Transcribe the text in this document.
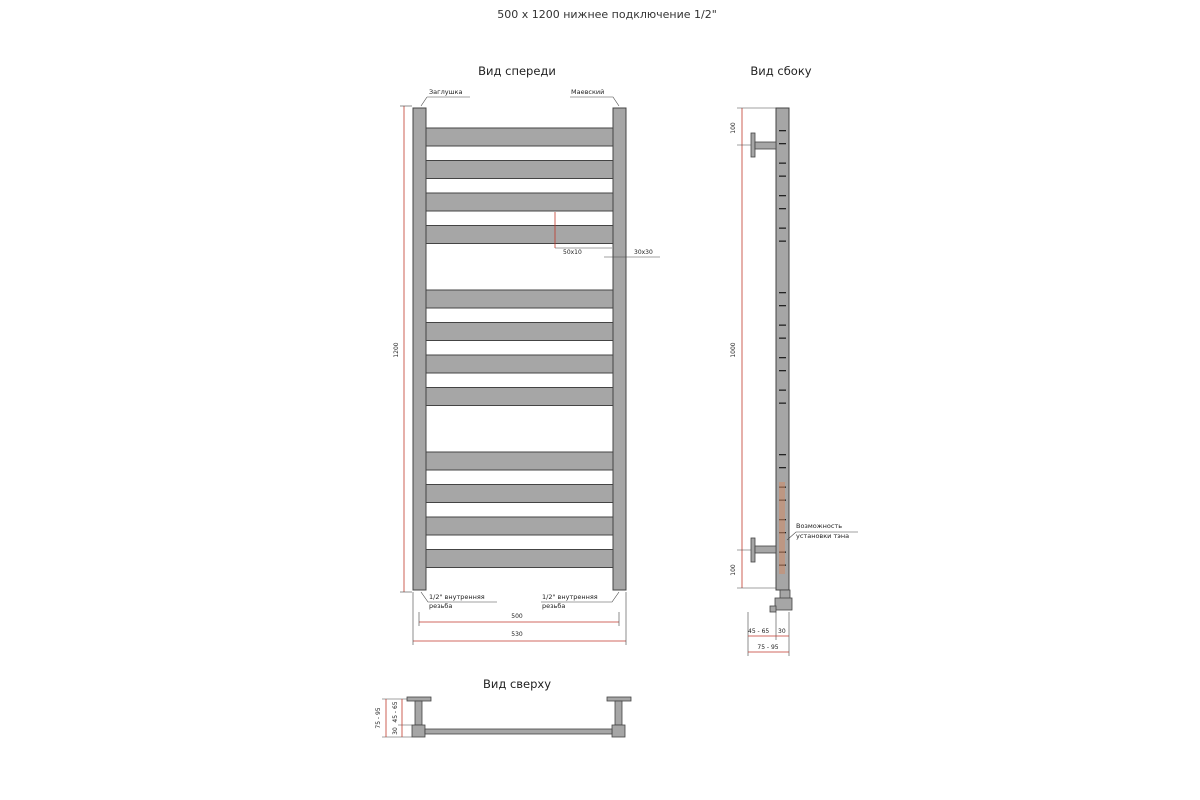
500 x 1200 нижнее подключение 1/2"
Вид спереди
Заглушка	Мaевский
50x10	30x30
1200
1/2" внутренняя
резьба
1/2" внутренняя
резьба
500
530
Вид сбоку
100
1000
100
Возможность
установки тэна
45 - 65 30
75 - 95
Вид сверху
75 - 95
30
45 - 65
